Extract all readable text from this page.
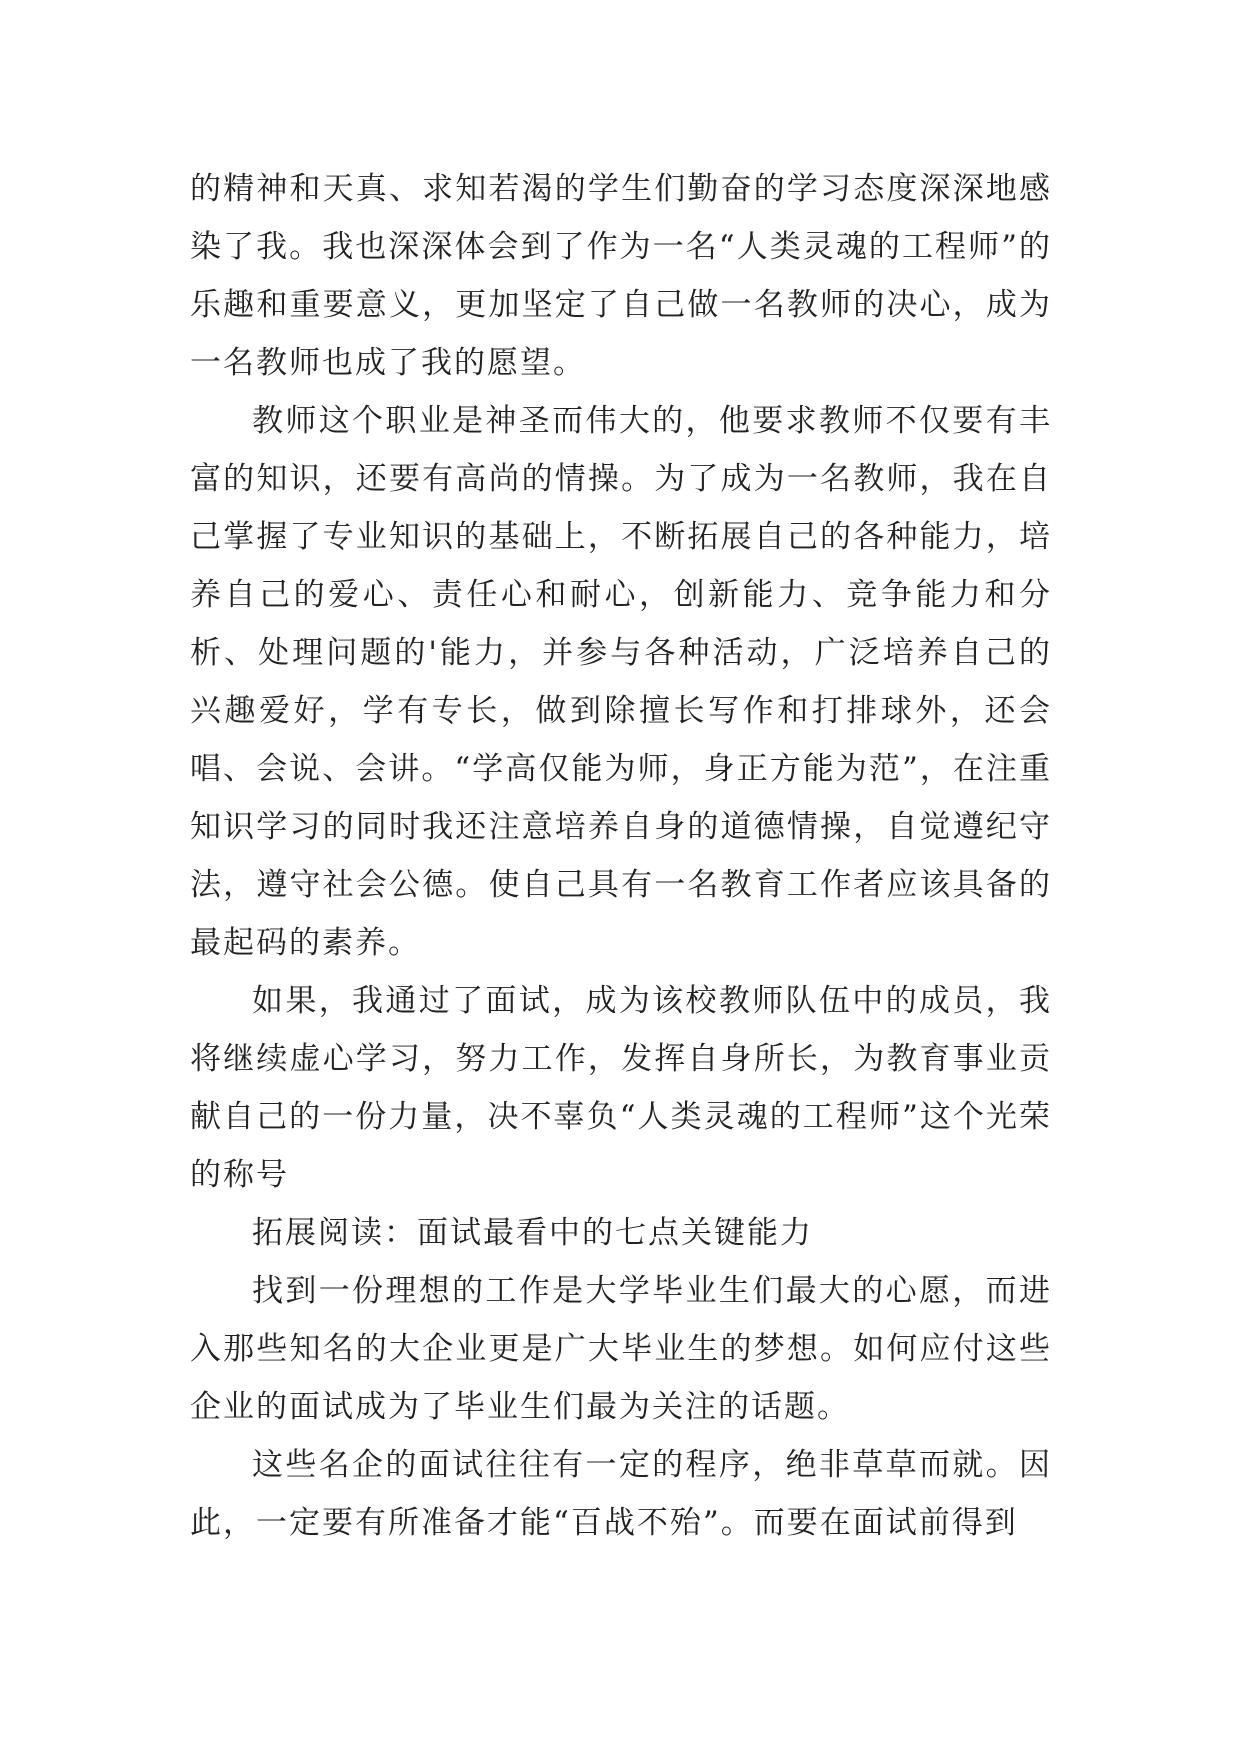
的精神和天真、求知若渴的学生们勤奋的学习态度深深地感染了我。我也深深体会到了作为一名“人类灵魂的工程师”的乐趣和重要意义，更加坚定了自己做一名教师的决心，成为一名教师也成了我的愿望。

教师这个职业是神圣而伟大的，他要求教师不仅要有丰富的知识，还要有高尚的情操。为了成为一名教师，我在自己掌握了专业知识的基础上，不断拓展自己的各种能力，培养自己的爱心、责任心和耐心，创新能力、竞争能力和分析、处理问题的'能力，并参与各种活动，广泛培养自己的兴趣爱好，学有专长，做到除擅长写作和打排球外，还会唱、会说、会讲。“学高仅能为师，身正方能为范”，在注重知识学习的同时我还注意培养自身的道德情操，自觉遵纪守法，遵守社会公德。使自己具有一名教育工作者应该具备的最起码的素养。

如果，我通过了面试，成为该校教师队伍中的成员，我将继续虚心学习，努力工作，发挥自身所长，为教育事业贡献自己的一份力量，决不辜负“人类灵魂的工程师”这个光荣的称号

拓展阅读：面试最看中的七点关键能力

找到一份理想的工作是大学毕业生们最大的心愿，而进入那些知名的大企业更是广大毕业生的梦想。如何应付这些企业的面试成为了毕业生们最为关注的话题。

这些名企的面试往往有一定的程序，绝非草草而就。因此，一定要有所准备才能“百战不殆”。而要在面试前得到
